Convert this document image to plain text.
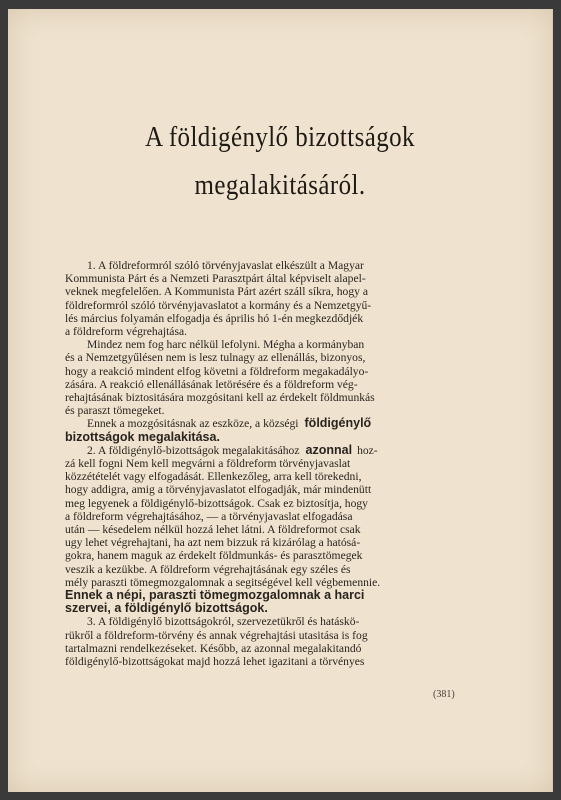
A földigénylő bizottságok
megalakitásáról.
1. A földreformról szóló törvényjavaslat elkészült a Magyar
Kommunista Párt és a Nemzeti Parasztpárt által képviselt alapel-
veknek megfelelően. A Kommunista Párt azért száll síkra, hogy a
földreformról szóló törvényjavaslatot a kormány és a Nemzetgyű-
lés március folyamán elfogadja és április hó 1-én megkezdődjék
a földreform végrehajtása.
Mindez nem fog harc nélkül lefolyni. Mégha a kormányban
és a Nemzetgyűlésen nem is lesz tulnagy az ellenállás, bizonyos,
hogy a reakció mindent elfog követni a földreform megakadályo-
zására. A reakció ellenállásának letörésére és a földreform vég-
rehajtásának biztositására mozgósitani kell az érdekelt földmunkás
és paraszt tömegeket.
Ennek a mozgósitásnak az eszköze, a községi földigénylő
bizottságok megalakitása.
2. A földigénylő-bizottságok megalakitásához azonnal hoz-
zá kell fogni Nem kell megvárni a földreform törvényjavaslat
közzétételét vagy elfogadását. Ellenkezőleg, arra kell törekedni,
hogy addigra, amig a törvényjavaslatot elfogadják, már mindenütt
meg legyenek a földigénylő-bizottságok. Csak ez biztosítja, hogy
a földreform végrehajtásához, — a törvényjavaslat elfogadása
után — késedelem nélkül hozzá lehet látni. A földreformot csak
ugy lehet végrehajtani, ha azt nem bizzuk rá kizárólag a hatósá-
gokra, hanem maguk az érdekelt földmunkás- és parasztömegek
veszik a kezükbe. A földreform végrehajtásának egy széles és
mély paraszti tömegmozgalomnak a segitségével kell végbemennie.
Ennek a népi, paraszti tömegmozgalomnak a harci
szervei, a földigénylő bizottságok.
3. A földigénylő bizottságokról, szervezetükről és hatáskö-
rükről a földreform-törvény és annak végrehajtási utasitása is fog
tartalmazni rendelkezéseket. Később, az azonnal megalakitandó
földigénylő-bizottságokat majd hozzá lehet igazitani a törvényes
(381)
